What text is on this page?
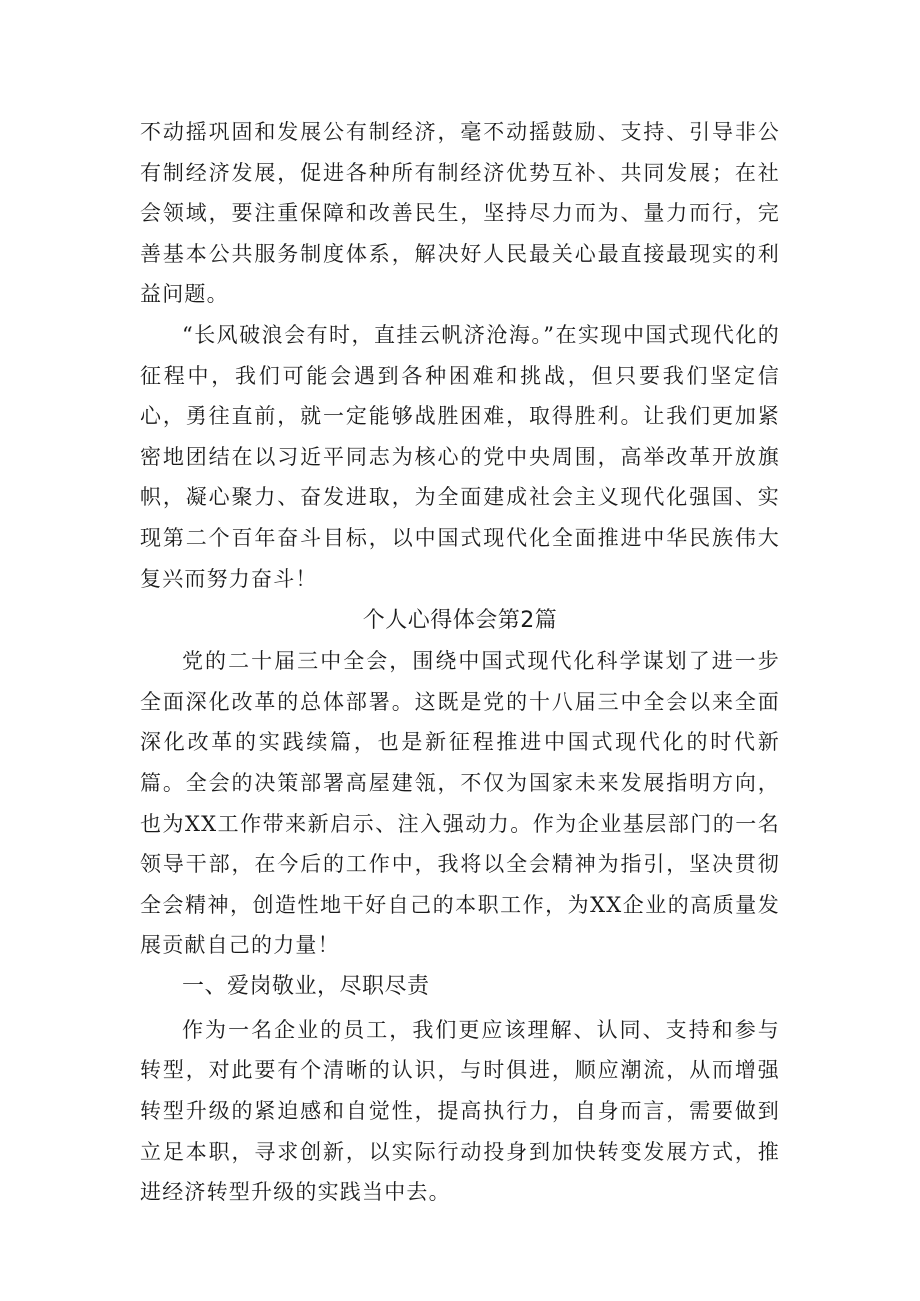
不动摇巩固和发展公有制经济，毫不动摇鼓励、支持、引导非公有制经济发展，促进各种所有制经济优势互补、共同发展；在社会领域，要注重保障和改善民生，坚持尽力而为、量力而行，完善基本公共服务制度体系，解决好人民最关心最直接最现实的利益问题。

“长风破浪会有时，直挂云帆济沧海。”在实现中国式现代化的征程中，我们可能会遇到各种困难和挑战，但只要我们坚定信心，勇往直前，就一定能够战胜困难，取得胜利。让我们更加紧密地团结在以习近平同志为核心的党中央周围，高举改革开放旗帜，凝心聚力、奋发进取，为全面建成社会主义现代化强国、实现第二个百年奋斗目标，以中国式现代化全面推进中华民族伟大复兴而努力奋斗！

个人心得体会第2篇

党的二十届三中全会，围绕中国式现代化科学谋划了进一步全面深化改革的总体部署。这既是党的十八届三中全会以来全面深化改革的实践续篇，也是新征程推进中国式现代化的时代新篇。全会的决策部署高屋建瓴，不仅为国家未来发展指明方向，也为XX工作带来新启示、注入强动力。作为企业基层部门的一名领导干部，在今后的工作中，我将以全会精神为指引，坚决贯彻全会精神，创造性地干好自己的本职工作，为XX企业的高质量发展贡献自己的力量！

一、爱岗敬业，尽职尽责

作为一名企业的员工，我们更应该理解、认同、支持和参与转型，对此要有个清晰的认识，与时俱进，顺应潮流，从而增强转型升级的紧迫感和自觉性，提高执行力，自身而言，需要做到立足本职，寻求创新，以实际行动投身到加快转变发展方式，推进经济转型升级的实践当中去。
